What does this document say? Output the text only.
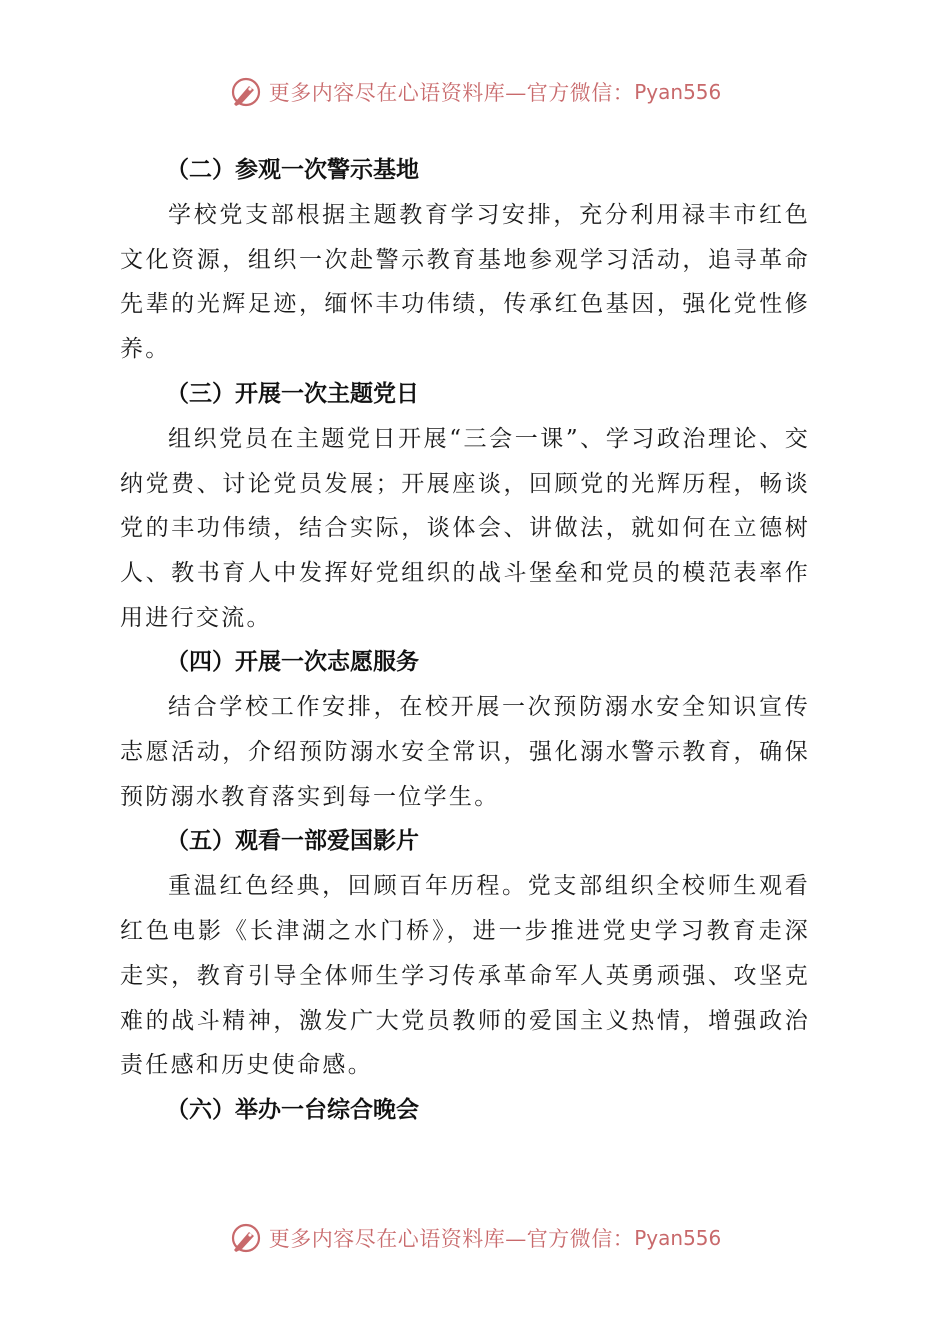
更多内容尽在心语资料库—官方微信： Pyan556
（二）参观一次警示基地

学校党支部根据主题教育学习安排，充分利用禄丰市红色文化资源，组织一次赴警示教育基地参观学习活动，追寻革命先辈的光辉足迹，缅怀丰功伟绩，传承红色基因，强化党性修养。

（三）开展一次主题党日

组织党员在主题党日开展“三会一课”、学习政治理论、交纳党费、讨论党员发展；开展座谈，回顾党的光辉历程，畅谈党的丰功伟绩，结合实际，谈体会、讲做法，就如何在立德树人、教书育人中发挥好党组织的战斗堡垒和党员的模范表率作用进行交流。

（四）开展一次志愿服务

结合学校工作安排，在校开展一次预防溺水安全知识宣传志愿活动，介绍预防溺水安全常识，强化溺水警示教育，确保预防溺水教育落实到每一位学生。

（五）观看一部爱国影片

重温红色经典，回顾百年历程。党支部组织全校师生观看红色电影《长津湖之水门桥》，进一步推进党史学习教育走深走实，教育引导全体师生学习传承革命军人英勇顽强、攻坚克难的战斗精神，激发广大党员教师的爱国主义热情，增强政治责任感和历史使命感。

（六）举办一台综合晚会
更多内容尽在心语资料库—官方微信： Pyan556
